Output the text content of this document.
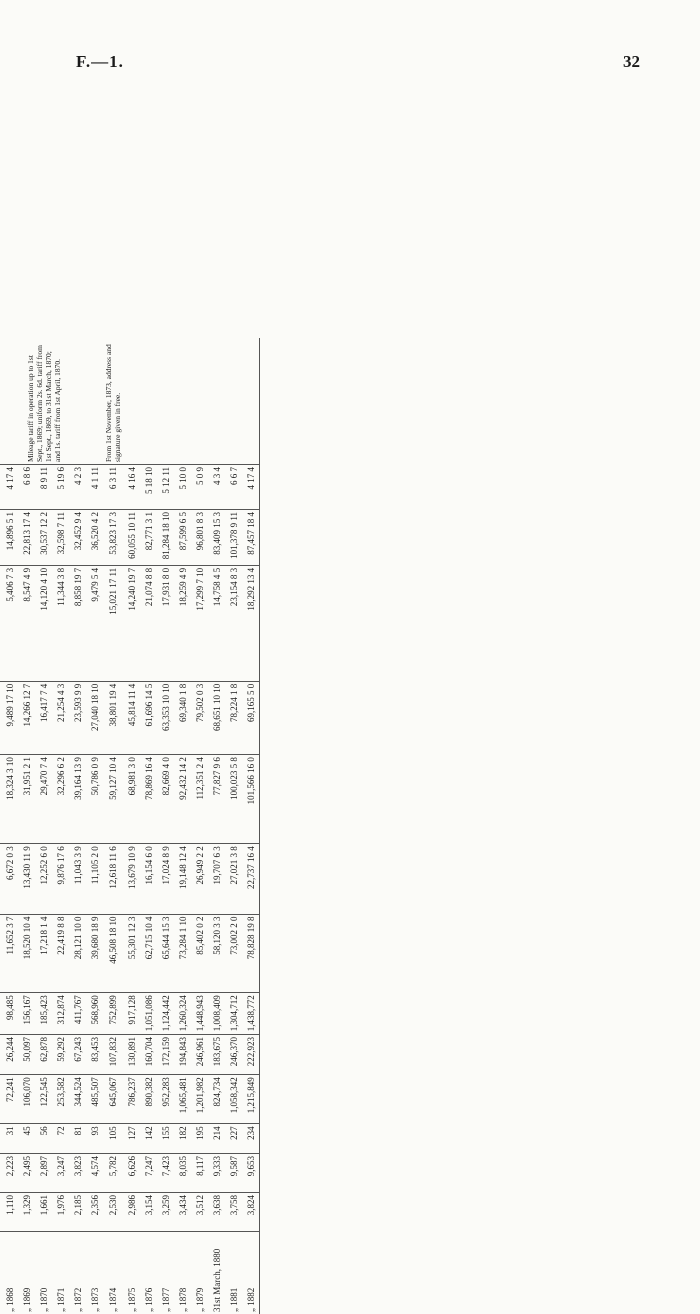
F.—1.	32

„ 1868	1,110	2,223	31	72,241	26,244	98,485	11,652 3 7	6,672 0 3	18,324 3 10	9,489 17 10	5,406 7 3	14,896 5 1	4 17 4	
„ 1869	1,329	2,495	45	106,070	50,097	156,167	18,520 10 4	13,430 11 9	31,951 2 1	14,266 12 7	8,547 4 9	22,813 17 4	6 8 6	Mileage tariff in operation up to 1st Sept., 1869; uniform 2s. 6d. tariff from 1st Sept., 1869, to 31st March, 1870; and 1s. tariff from 1st April, 1870.
„ 1870	1,661	2,897	56	122,545	62,878	185,423	17,218 1 4	12,252 6 0	29,470 7 4	16,417 7 4	14,120 4 10	30,537 12 2	8 9 11	
„ 1871	1,976	3,247	72	253,582	59,292	312,874	22,419 8 8	9,876 17 6	32,296 6 2	21,254 4 3	11,344 3 8	32,598 7 11	5 19 6	
„ 1872	2,185	3,823	81	344,524	67,243	411,767	28,121 10 0	11,043 3 9	39,164 13 9	23,593 9 9	8,858 19 7	32,452 9 4	4 2 3	
„ 1873	2,356	4,574	93	485,507	83,453	568,960	39,680 18 9	11,105 2 0	50,786 0 9	27,040 18 10	9,479 5 4	36,520 4 2	4 1 11	
„ 1874	2,530	5,782	105	645,067	107,832	752,899	46,508 18 10	12,618 11 6	59,127 10 4	38,801 19 4	15,021 17 11	53,823 17 3	6 3 11	From 1st November, 1873, address and signature given in free.
„ 1875	2,986	6,626	127	786,237	130,891	917,128	55,301 12 3	13,679 10 9	68,981 3 0	45,814 11 4	14,240 19 7	60,055 10 11	4 16 4	
„ 1876	3,154	7,247	142	890,382	160,704	1,051,086	62,715 10 4	16,154 6 0	78,869 16 4	61,696 14 5	21,074 8 8	82,771 3 1	5 18 10	
„ 1877	3,259	7,423	155	952,283	172,159	1,124,442	65,644 15 3	17,024 8 9	82,669 4 0	63,353 10 10	17,931 8 0	81,284 18 10	5 12 11	
„ 1878	3,434	8,035	182	1,065,481	194,843	1,260,324	73,284 1 10	19,148 12 4	92,432 14 2	69,340 1 8	18,259 4 9	87,599 6 5	5 10 0	
„ 1879	3,512	8,117	195	1,201,982	246,961	1,448,943	85,402 0 2	26,949 2 2	112,351 2 4	79,502 0 3	17,299 7 10	96,801 8 3	5 0 9	
31st March, 1880	3,638	9,333	214	824,734	183,675	1,008,409	58,120 3 3	19,707 6 3	77,827 9 6	68,651 10 10	14,758 4 5	83,409 15 3	4 3 4	
„ 1881	3,758	9,587	227	1,058,342	246,370	1,304,712	73,002 2 0	27,021 3 8	100,023 5 8	78,224 1 8	23,154 8 3	101,378 9 11	6 6 7	
„ 1882	3,824	9,653	234	1,215,849	222,923	1,438,772	78,828 19 8	22,737 16 4	101,566 16 0	69,165 5 0	18,292 13 4	87,457 18 4	4 17 4	
